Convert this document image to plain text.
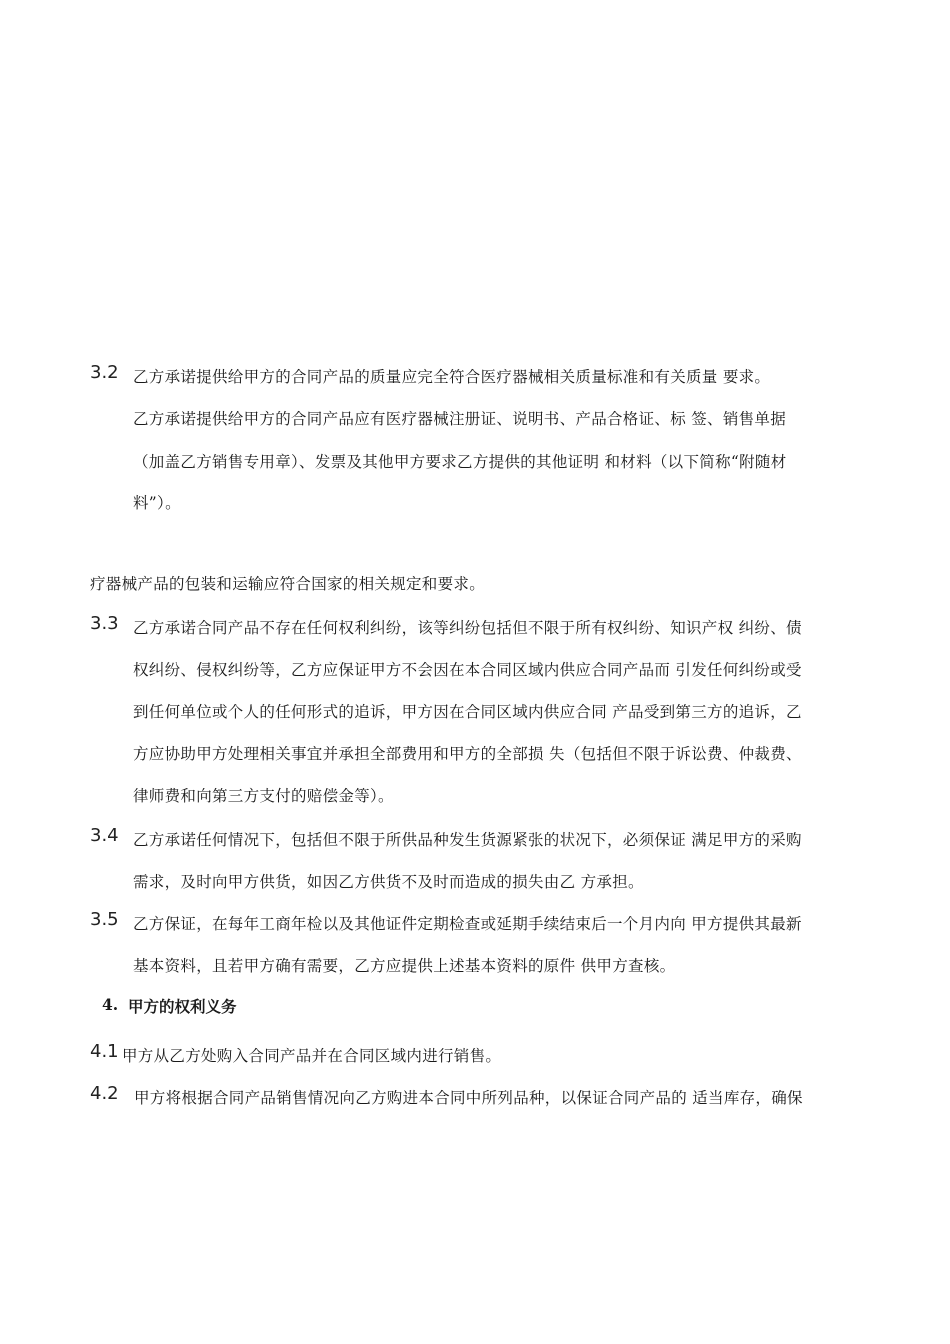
3.2 乙方承诺提供给甲方的合同产品的质量应完全符合医疗器械相关质量标准和有关质量 要求。
乙方承诺提供给甲方的合同产品应有医疗器械注册证、说明书、产品合格证、标 签、销售单据
（加盖乙方销售专用章）、发票及其他甲方要求乙方提供的其他证明 和材料（以下简称“附随材
料”）。
疗器械产品的包装和运输应符合国家的相关规定和要求。
3.3 乙方承诺合同产品不存在任何权利纠纷，该等纠纷包括但不限于所有权纠纷、知识产权 纠纷、债
权纠纷、侵权纠纷等，乙方应保证甲方不会因在本合同区域内供应合同产品而 引发任何纠纷或受
到任何单位或个人的任何形式的追诉，甲方因在合同区域内供应合同 产品受到第三方的追诉，乙
方应协助甲方处理相关事宜并承担全部费用和甲方的全部损 失（包括但不限于诉讼费、仲裁费、
律师费和向第三方支付的赔偿金等）。
3.4 乙方承诺任何情况下，包括但不限于所供品种发生货源紧张的状况下，必须保证 满足甲方的采购
需求，及时向甲方供货，如因乙方供货不及时而造成的损失由乙 方承担。
3.5 乙方保证，在每年工商年检以及其他证件定期检查或延期手续结束后一个月内向 甲方提供其最新
基本资料，且若甲方确有需要，乙方应提供上述基本资料的原件 供甲方查核。
4. 甲方的权利义务
4.1 甲方从乙方处购入合同产品并在合同区域内进行销售。
4.2 甲方将根据合同产品销售情况向乙方购进本合同中所列品种，以保证合同产品的 适当库存，确保
